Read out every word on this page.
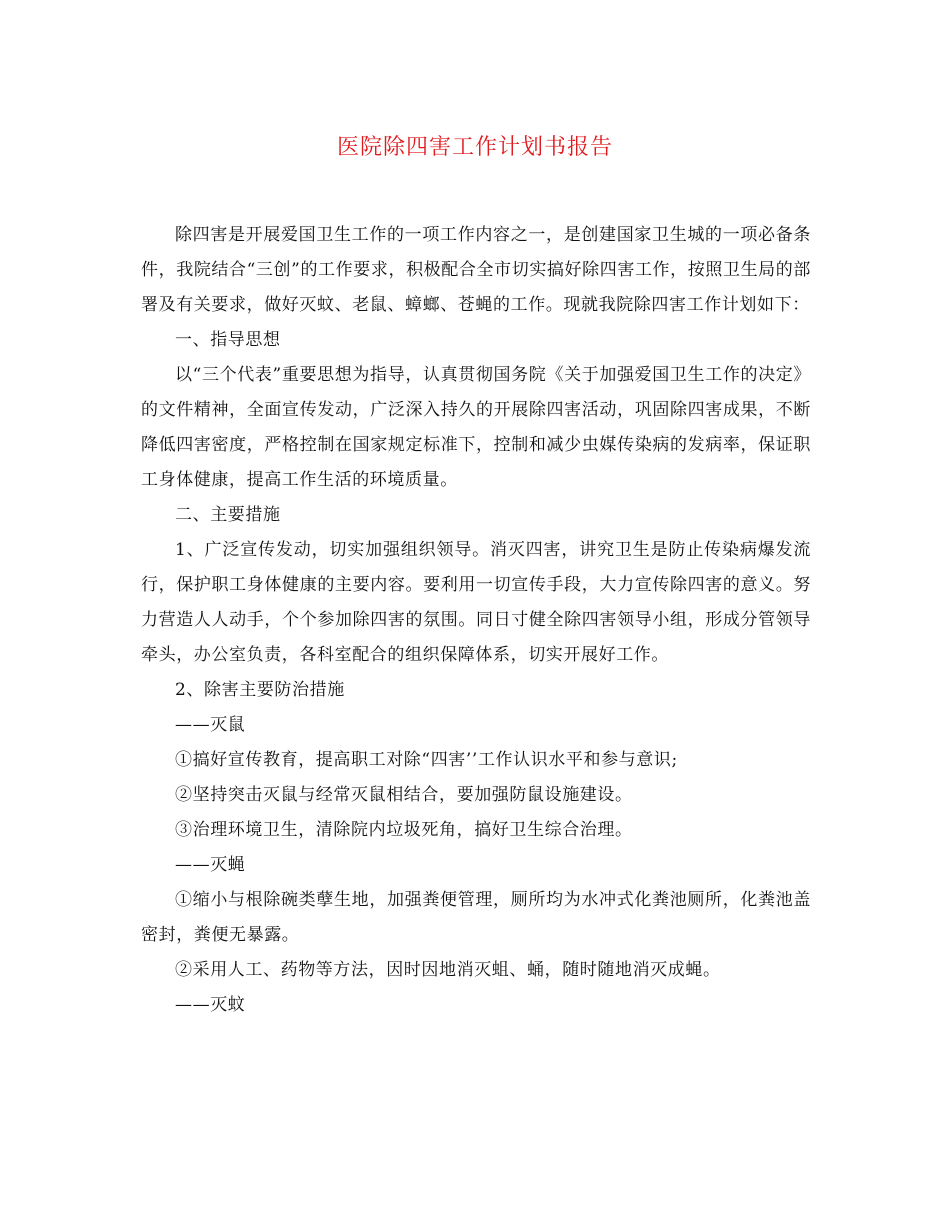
医院除四害工作计划书报告

除四害是开展爱国卫生工作的一项工作内容之一，是创建国家卫生城的一项必备条件，我院结合“三创”的工作要求，积极配合全市切实搞好除四害工作，按照卫生局的部署及有关要求，做好灭蚊、老鼠、蟑螂、苍蝇的工作。现就我院除四害工作计划如下：

一、指导思想

以“三个代表”重要思想为指导，认真贯彻国务院《关于加强爱国卫生工作的决定》的文件精神，全面宣传发动，广泛深入持久的开展除四害活动，巩固除四害成果，不断降低四害密度，严格控制在国家规定标准下，控制和减少虫媒传染病的发病率，保证职工身体健康，提高工作生活的环境质量。

二、主要措施

1、广泛宣传发动，切实加强组织领导。消灭四害，讲究卫生是防止传染病爆发流行，保护职工身体健康的主要内容。要利用一切宣传手段，大力宣传除四害的意义。努力营造人人动手，个个参加除四害的氛围。同日寸健全除四害领导小组，形成分管领导牵头，办公室负责，各科室配合的组织保障体系，切实开展好工作。

2、除害主要防治措施

——灭鼠

①搞好宣传教育，提高职工对除“四害’’工作认识水平和参与意识;

②坚持突击灭鼠与经常灭鼠相结合，要加强防鼠设施建设。

③治理环境卫生，清除院内垃圾死角，搞好卫生综合治理。

——灭蝇

①缩小与根除碗类孽生地，加强粪便管理，厕所均为水冲式化粪池厕所，化粪池盖密封，粪便无暴露。

②采用人工、药物等方法，因时因地消灭蛆、蛹，随时随地消灭成蝇。

——灭蚊
